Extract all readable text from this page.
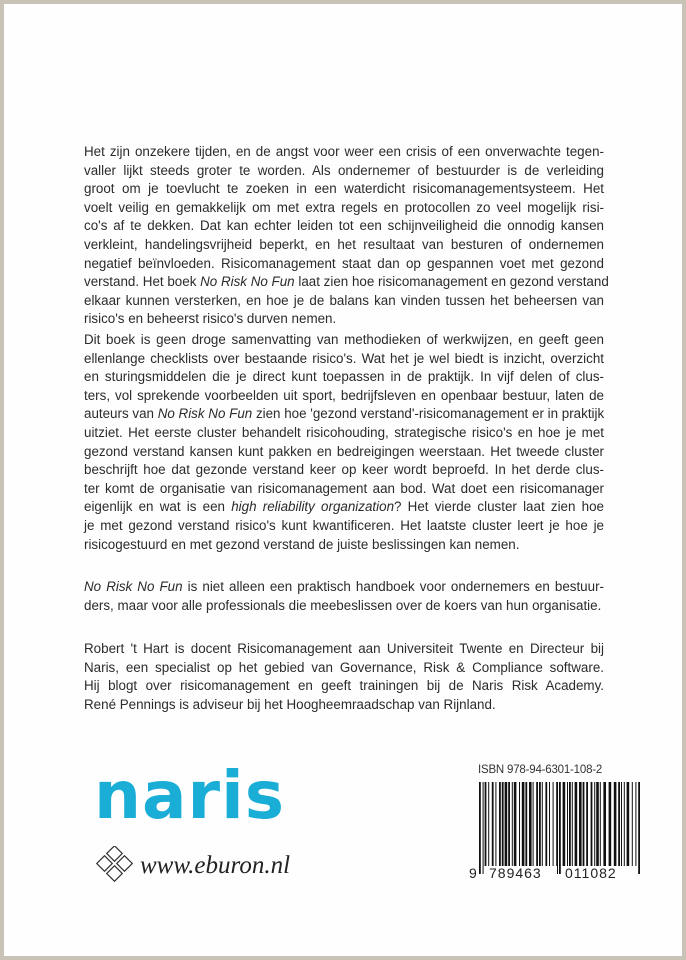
Het zijn onzekere tijden, en de angst voor weer een crisis of een onverwachte tegen-
valler lijkt steeds groter te worden. Als ondernemer of bestuurder is de verleiding
groot om je toevlucht te zoeken in een waterdicht risicomanagementsysteem. Het
voelt veilig en gemakkelijk om met extra regels en protocollen zo veel mogelijk risi-
co's af te dekken. Dat kan echter leiden tot een schijnveiligheid die onnodig kansen
verkleint, handelingsvrijheid beperkt, en het resultaat van besturen of ondernemen
negatief beïnvloeden. Risicomanagement staat dan op gespannen voet met gezond
verstand. Het boek No Risk No Fun laat zien hoe risicomanagement en gezond verstand
elkaar kunnen versterken, en hoe je de balans kan vinden tussen het beheersen van
risico's en beheerst risico's durven nemen.
Dit boek is geen droge samenvatting van methodieken of werkwijzen, en geeft geen
ellenlange checklists over bestaande risico's. Wat het je wel biedt is inzicht, overzicht
en sturingsmiddelen die je direct kunt toepassen in de praktijk. In vijf delen of clus-
ters, vol sprekende voorbeelden uit sport, bedrijfsleven en openbaar bestuur, laten de
auteurs van No Risk No Fun zien hoe 'gezond verstand'-risicomanagement er in praktijk
uitziet. Het eerste cluster behandelt risicohouding, strategische risico's en hoe je met
gezond verstand kansen kunt pakken en bedreigingen weerstaan. Het tweede cluster
beschrijft hoe dat gezonde verstand keer op keer wordt beproefd. In het derde clus-
ter komt de organisatie van risicomanagement aan bod. Wat doet een risicomanager
eigenlijk en wat is een high reliability organization? Het vierde cluster laat zien hoe
je met gezond verstand risico's kunt kwantificeren. Het laatste cluster leert je hoe je
risicogestuurd en met gezond verstand de juiste beslissingen kan nemen.
No Risk No Fun is niet alleen een praktisch handboek voor ondernemers en bestuur-
ders, maar voor alle professionals die meebeslissen over de koers van hun organisatie.
Robert 't Hart is docent Risicomanagement aan Universiteit Twente en Directeur bij
Naris, een specialist op het gebied van Governance, Risk & Compliance software.
Hij blogt over risicomanagement en geeft trainingen bij de Naris Risk Academy.
René Pennings is adviseur bij het Hoogheemraadschap van Rijnland.
naris
www.eburon.nl
ISBN 978-94-6301-108-2
9 789463 011082
